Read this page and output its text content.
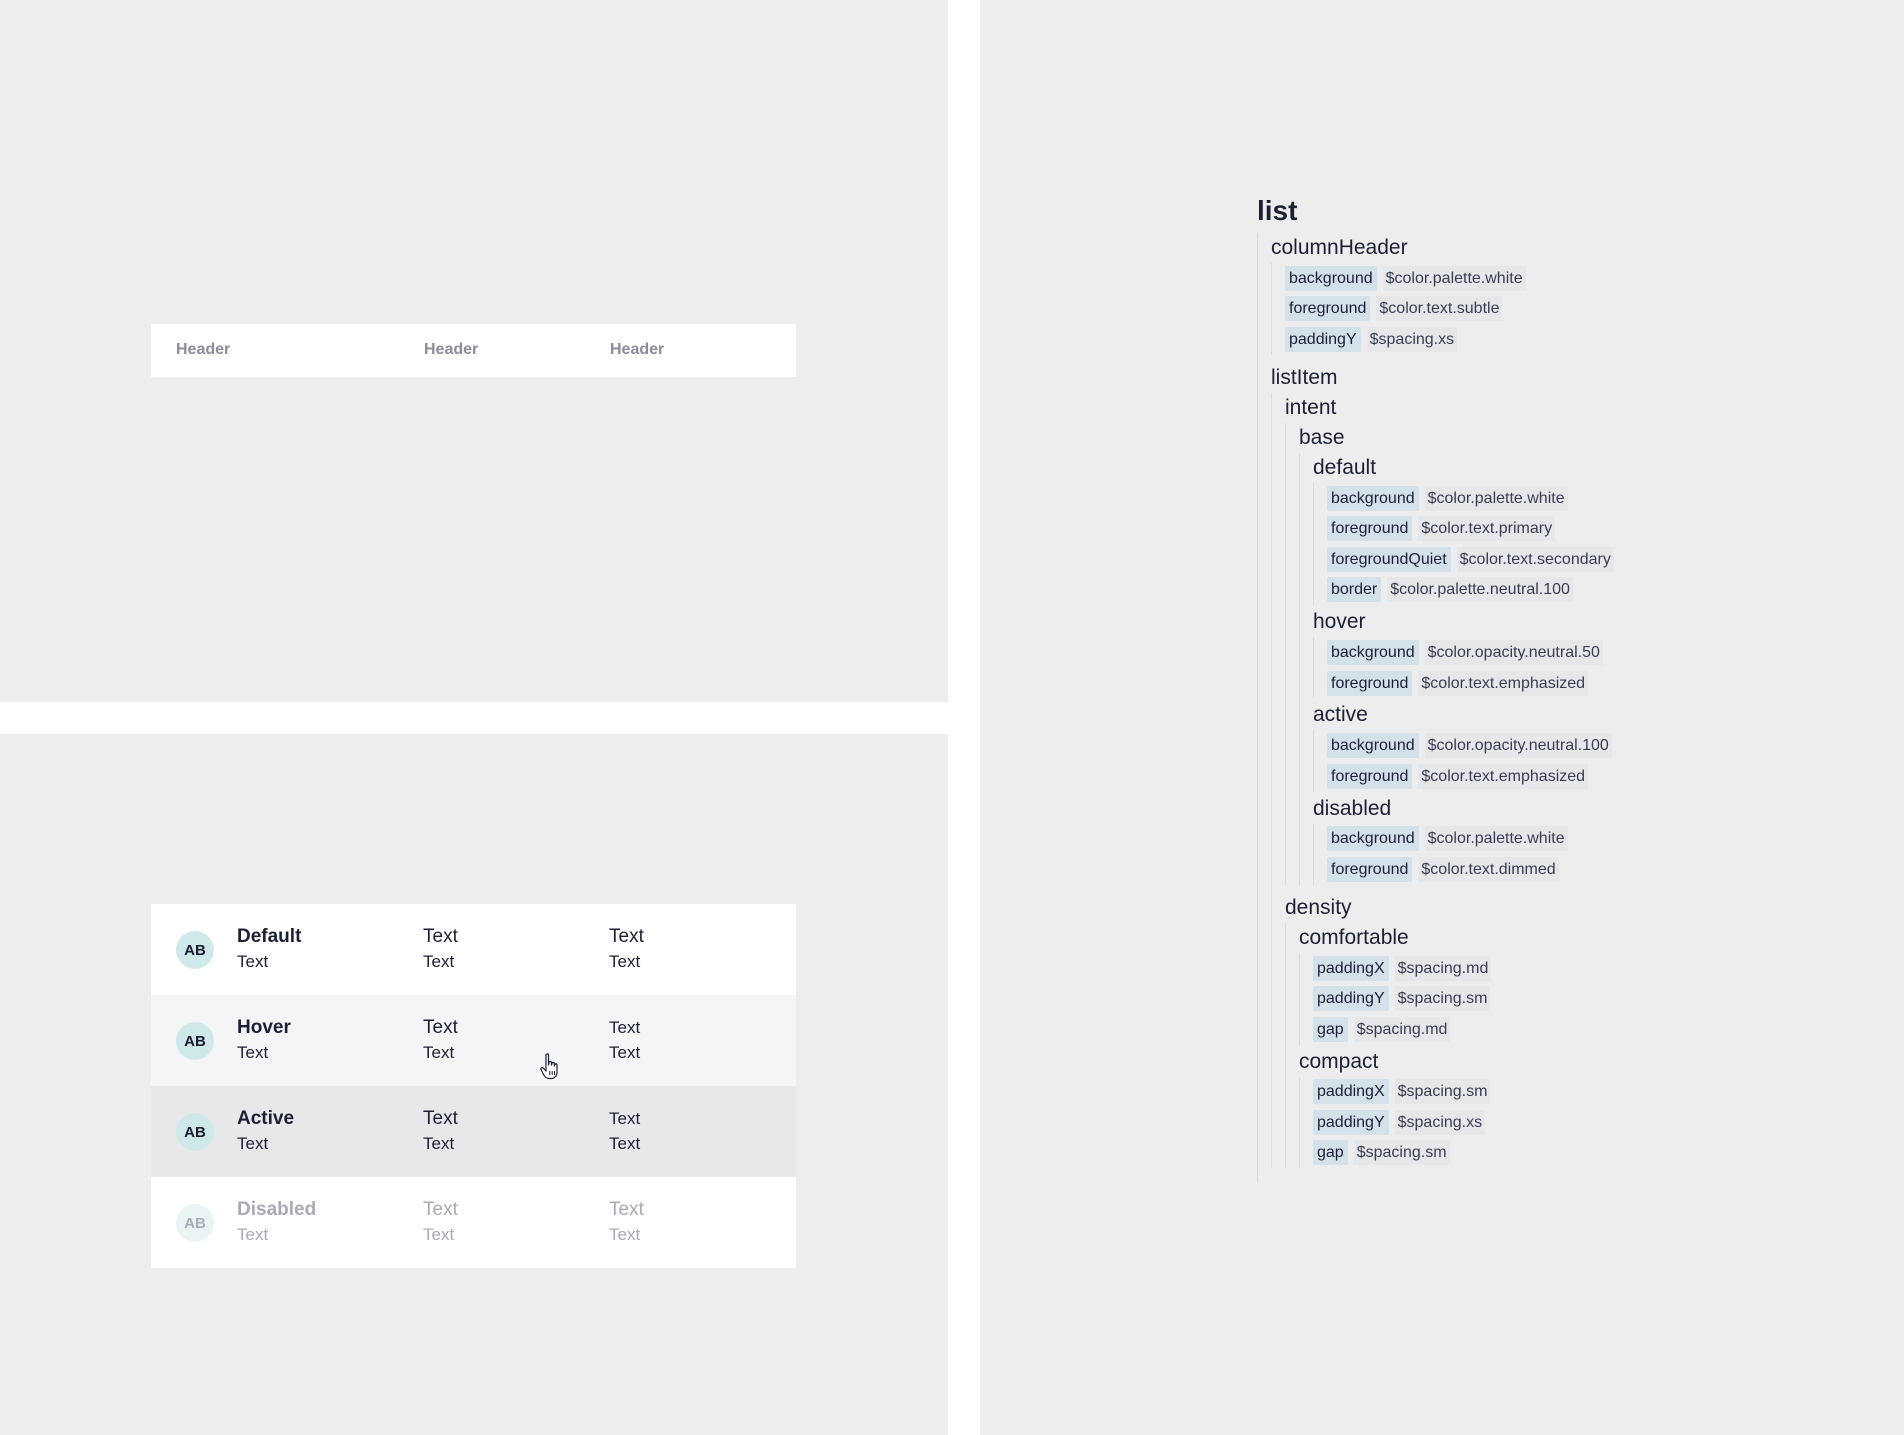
Header	Header	Header
AB
Default
Text
Text
Text
Text
Text
AB
Hover
Text
Text
Text
Text
Text
AB
Active
Text
Text
Text
Text
Text
AB
Disabled
Text
Text
Text
Text
Text
list
columnHeader
background $color.palette.white
foreground $color.text.subtle
paddingY $spacing.xs
listItem
intent
base
default
background $color.palette.white
foreground $color.text.primary
foregroundQuiet $color.text.secondary
border $color.palette.neutral.100
hover
background $color.opacity.neutral.50
foreground $color.text.emphasized
active
background $color.opacity.neutral.100
foreground $color.text.emphasized
disabled
background $color.palette.white
foreground $color.text.dimmed
density
comfortable
paddingX $spacing.md
paddingY $spacing.sm
gap $spacing.md
compact
paddingX $spacing.sm
paddingY $spacing.xs
gap $spacing.sm
